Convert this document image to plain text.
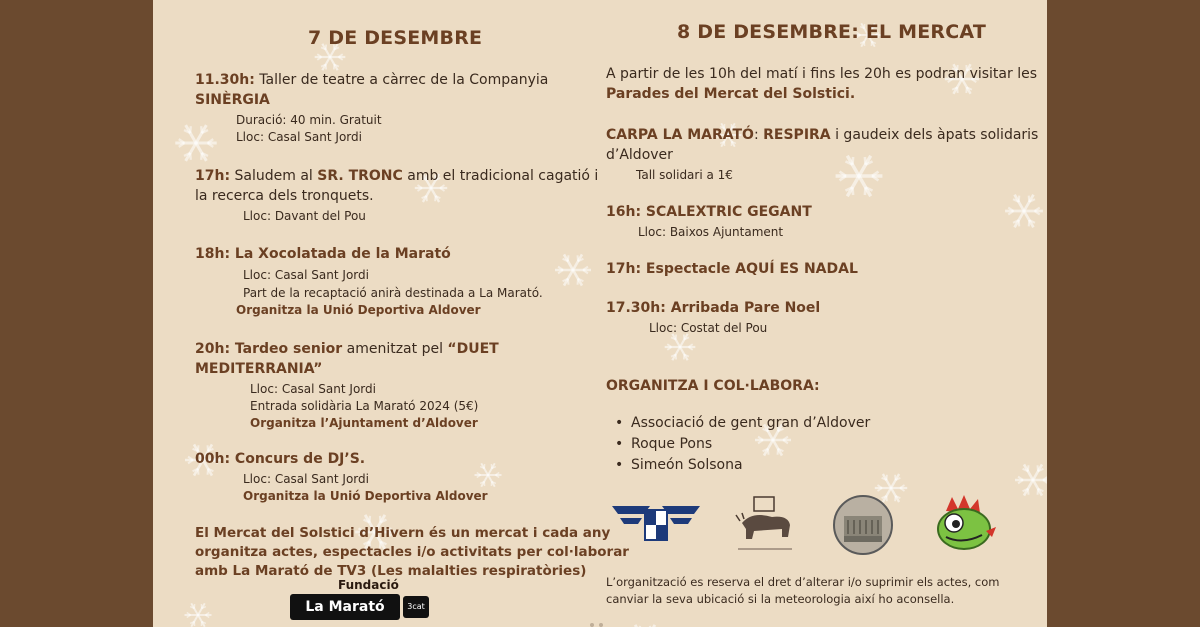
7 DE DESEMBRE
11.30h: Taller de teatre a càrrec de la Companyia
SINÈRGIA
Duració: 40 min. Gratuit
Lloc: Casal Sant Jordi
17h: Saludem al SR. TRONC amb el tradicional cagatió i
la recerca dels tronquets.
Lloc: Davant del Pou
18h: La Xocolatada de la Marató
Lloc: Casal Sant Jordi
Part de la recaptació anirà destinada a La Marató.
Organitza la Unió Deportiva Aldover
20h: Tardeo senior amenitzat pel “DUET
MEDITERRANIA”
Lloc: Casal Sant Jordi
Entrada solidària La Marató 2024 (5€)
Organitza l’Ajuntament d’Aldover
00h: Concurs de DJ’S.
Lloc: Casal Sant Jordi
Organitza la Unió Deportiva Aldover
El Mercat del Solstici d’Hivern és un mercat i cada any
organitza actes, espectacles i/o activitats per col·laborar
amb La Marató de TV3 (Les malalties respiratòries)
Fundació
La Marató	3cat
8 DE DESEMBRE: EL MERCAT
A partir de les 10h del matí i fins les 20h es podran visitar les
Parades del Mercat del Solstici.
CARPA LA MARATÓ: RESPIRA i gaudeix dels àpats solidaris
d’Aldover
Tall solidari a 1€
16h: SCALEXTRIC GEGANT
Lloc: Baixos Ajuntament
17h: Espectacle AQUÍ ES NADAL
17.30h: Arribada Pare Noel
Lloc: Costat del Pou
ORGANITZA I COL·LABORA:
• Associació de gent gran d’Aldover
• Roque Pons
• Simeón Solsona
L’organització es reserva el dret d’alterar i/o suprimir els actes, com
canviar la seva ubicació si la meteorologia així ho aconsella.
